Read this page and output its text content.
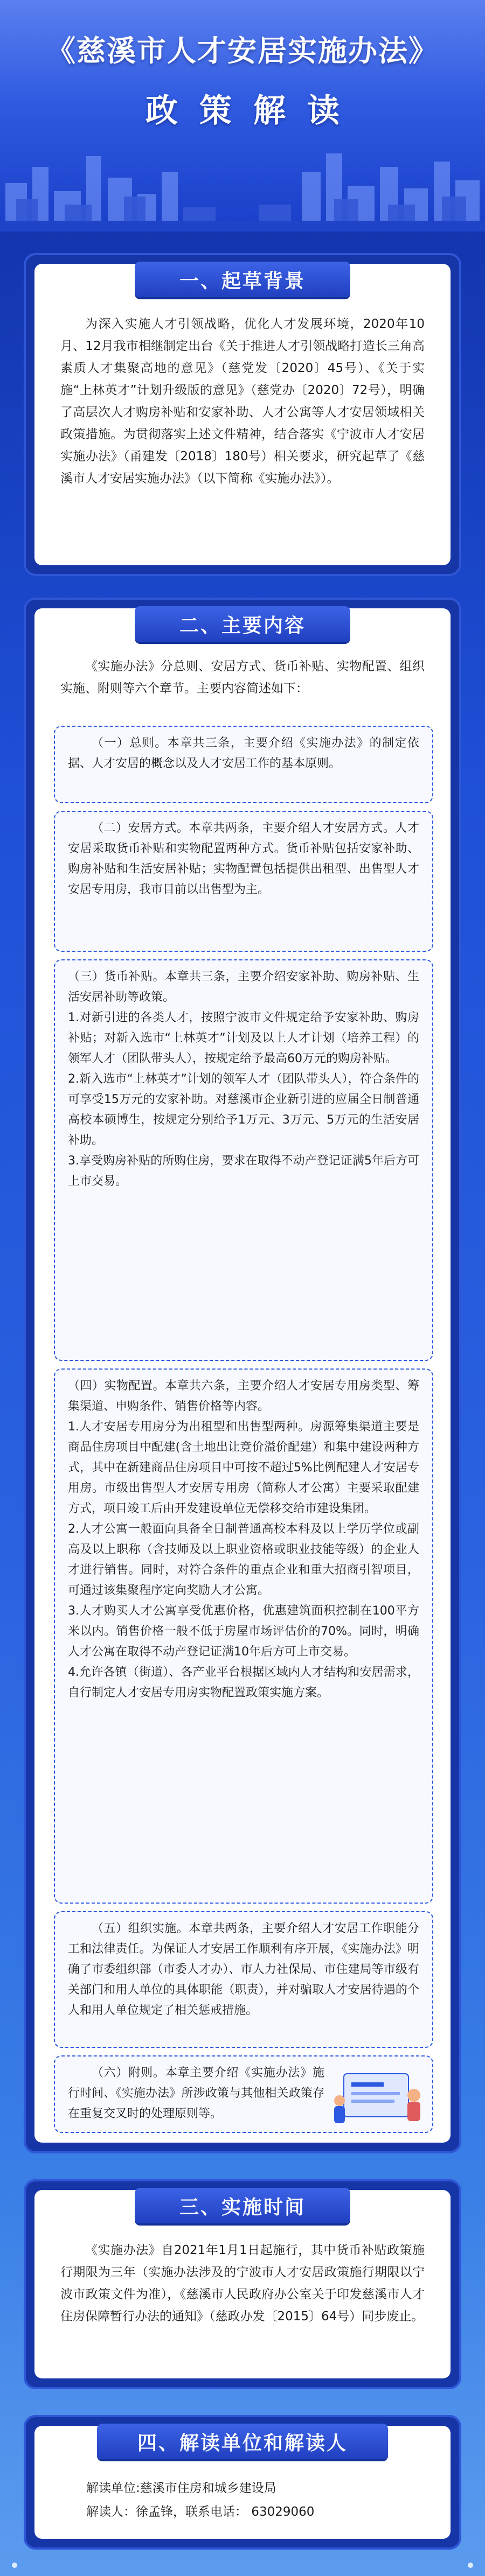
《慈溪市人才安居实施办法》
政策解读
一、起草背景
为深入实施人才引领战略，优化人才发展环境，2020年10月、12月我市相继制定出台《关于推进人才引领战略打造长三角高素质人才集聚高地的意见》（慈党发〔2020〕45号）、《关于实施“上林英才”计划升级版的意见》（慈党办〔2020〕72号），明确了高层次人才购房补贴和安家补助、人才公寓等人才安居领域相关政策措施。为贯彻落实上述文件精神，结合落实《宁波市人才安居实施办法》（甬建发〔2018〕180号）相关要求，研究起草了《慈溪市人才安居实施办法》（以下简称《实施办法》）。
二、主要内容
《实施办法》分总则、安居方式、货币补贴、实物配置、组织实施、附则等六个章节。主要内容简述如下：
（一）总则。本章共三条，主要介绍《实施办法》的制定依据、人才安居的概念以及人才安居工作的基本原则。
（二）安居方式。本章共两条，主要介绍人才安居方式。人才安居采取货币补贴和实物配置两种方式。货币补贴包括安家补助、购房补贴和生活安居补贴；实物配置包括提供出租型、出售型人才安居专用房，我市目前以出售型为主。
（三）货币补贴。本章共三条，主要介绍安家补助、购房补贴、生活安居补助等政策。
1.对新引进的各类人才，按照宁波市文件规定给予安家补助、购房补贴；对新入选市“上林英才”计划及以上人才计划（培养工程）的领军人才（团队带头人），按规定给予最高60万元的购房补贴。
2.新入选市“上林英才”计划的领军人才（团队带头人），符合条件的可享受15万元的安家补助。对慈溪市企业新引进的应届全日制普通高校本硕博生，按规定分别给予1万元、3万元、5万元的生活安居补助。
3.享受购房补贴的所购住房，要求在取得不动产登记证满5年后方可上市交易。
（四）实物配置。本章共六条，主要介绍人才安居专用房类型、筹集渠道、申购条件、销售价格等内容。
1.人才安居专用房分为出租型和出售型两种。房源筹集渠道主要是商品住房项目中配建(含土地出让竞价溢价配建）和集中建设两种方式，其中在新建商品住房项目中可按不超过5%比例配建人才安居专用房。市级出售型人才安居专用房（简称人才公寓）主要采取配建方式，项目竣工后由开发建设单位无偿移交给市建设集团。
2.人才公寓一般面向具备全日制普通高校本科及以上学历学位或副高及以上职称（含技师及以上职业资格或职业技能等级）的企业人才进行销售。同时，对符合条件的重点企业和重大招商引智项目，可通过该集聚程序定向奖励人才公寓。
3.人才购买人才公寓享受优惠价格，优惠建筑面积控制在100平方米以内。销售价格一般不低于房屋市场评估价的70%。同时，明确人才公寓在取得不动产登记证满10年后方可上市交易。
4.允许各镇（街道）、各产业平台根据区域内人才结构和安居需求，自行制定人才安居专用房实物配置政策实施方案。
（五）组织实施。本章共两条，主要介绍人才安居工作职能分工和法律责任。为保证人才安居工作顺利有序开展，《实施办法》明确了市委组织部（市委人才办）、市人力社保局、市住建局等市级有关部门和用人单位的具体职能（职责），并对骗取人才安居待遇的个人和用人单位规定了相关惩戒措施。
（六）附则。本章主要介绍《实施办法》施行时间、《实施办法》所涉政策与其他相关政策存在重复交叉时的处理原则等。
三、实施时间
《实施办法》自2021年1月1日起施行，其中货币补贴政策施行期限为三年（实施办法涉及的宁波市人才安居政策施行期限以宁波市政策文件为准），《慈溪市人民政府办公室关于印发慈溪市人才住房保障暂行办法的通知》（慈政办发〔2015〕64号）同步废止。
四、解读单位和解读人
解读单位:慈溪市住房和城乡建设局
解读人：徐孟锋，联系电话： 63029060
